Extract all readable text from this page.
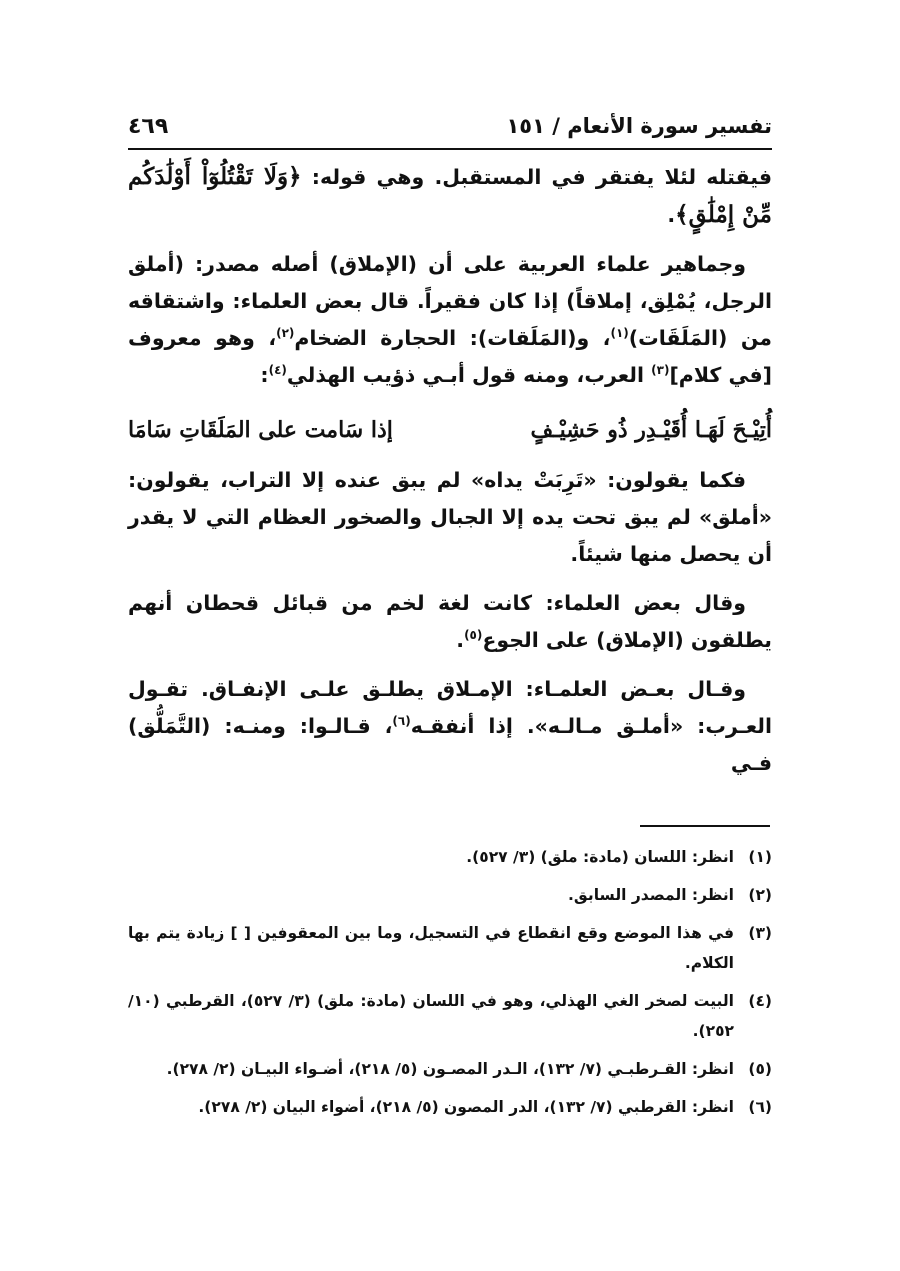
تفسير سورة الأنعام / ١٥١
٤٦٩

فيقتله لئلا يفتقر في المستقبل. وهي قوله: ﴿وَلَا تَقْتُلُوٓاْ أَوْلَٰدَكُم مِّنْ إِمْلَٰقٍ﴾.

وجماهير علماء العربية على أن (الإملاق) أصله مصدر: (أملق الرجل، يُمْلِق، إملاقاً) إذا كان فقيراً. قال بعض العلماء: واشتقاقه من (المَلَقَات)$^{(١)}$، و(المَلَقات): الحجارة الضخام$^{(٢)}$، وهو معروف [في كلام]$^{(٣)}$ العرب، ومنه قول أبـي ذؤيب الهذلي$^{(٤)}$:

أُتِيْـحَ لَهَـا أُقَيْـدِر ذُو حَشِيْـفٍ
إذا سَامت على المَلَقَاتِ سَامَا

فكما يقولون: «تَرِبَتْ يداه» لم يبق عنده إلا التراب، يقولون: «أملق» لم يبق تحت يده إلا الجبال والصخور العظام التي لا يقدر أن يحصل منها شيئاً.

وقال بعض العلماء: كانت لغة لخم من قبائل قحطان أنهم يطلقون (الإملاق) على الجوع$^{(٥)}$.

وقـال بعـض العلمـاء: الإمـلاق يطلـق علـى الإنفـاق. تقـول العـرب: «أملـق مـالـه». إذا أنفقـه$^{(٦)}$، قـالـوا: ومنـه: (التَّمَلُّق) فـي

(١)
انظر: اللسان (مادة: ملق) (٣/ ٥٢٧).
(٢)
انظر: المصدر السابق.
(٣)
في هذا الموضع وقع انقطاع في التسجيل، وما بين المعقوفين [ ] زيادة يتم بها الكلام.
(٤)
البيت لصخر الغي الهذلي، وهو في اللسان (مادة: ملق) (٣/ ٥٢٧)، القرطبي (١٠/ ٢٥٢).
(٥)
انظر: القـرطبـي (٧/ ١٣٢)، الـدر المصـون (٥/ ٢١٨)، أضـواء البيـان (٢/ ٢٧٨).
(٦)
انظر: القرطبي (٧/ ١٣٢)، الدر المصون (٥/ ٢١٨)، أضواء البيان (٢/ ٢٧٨).
